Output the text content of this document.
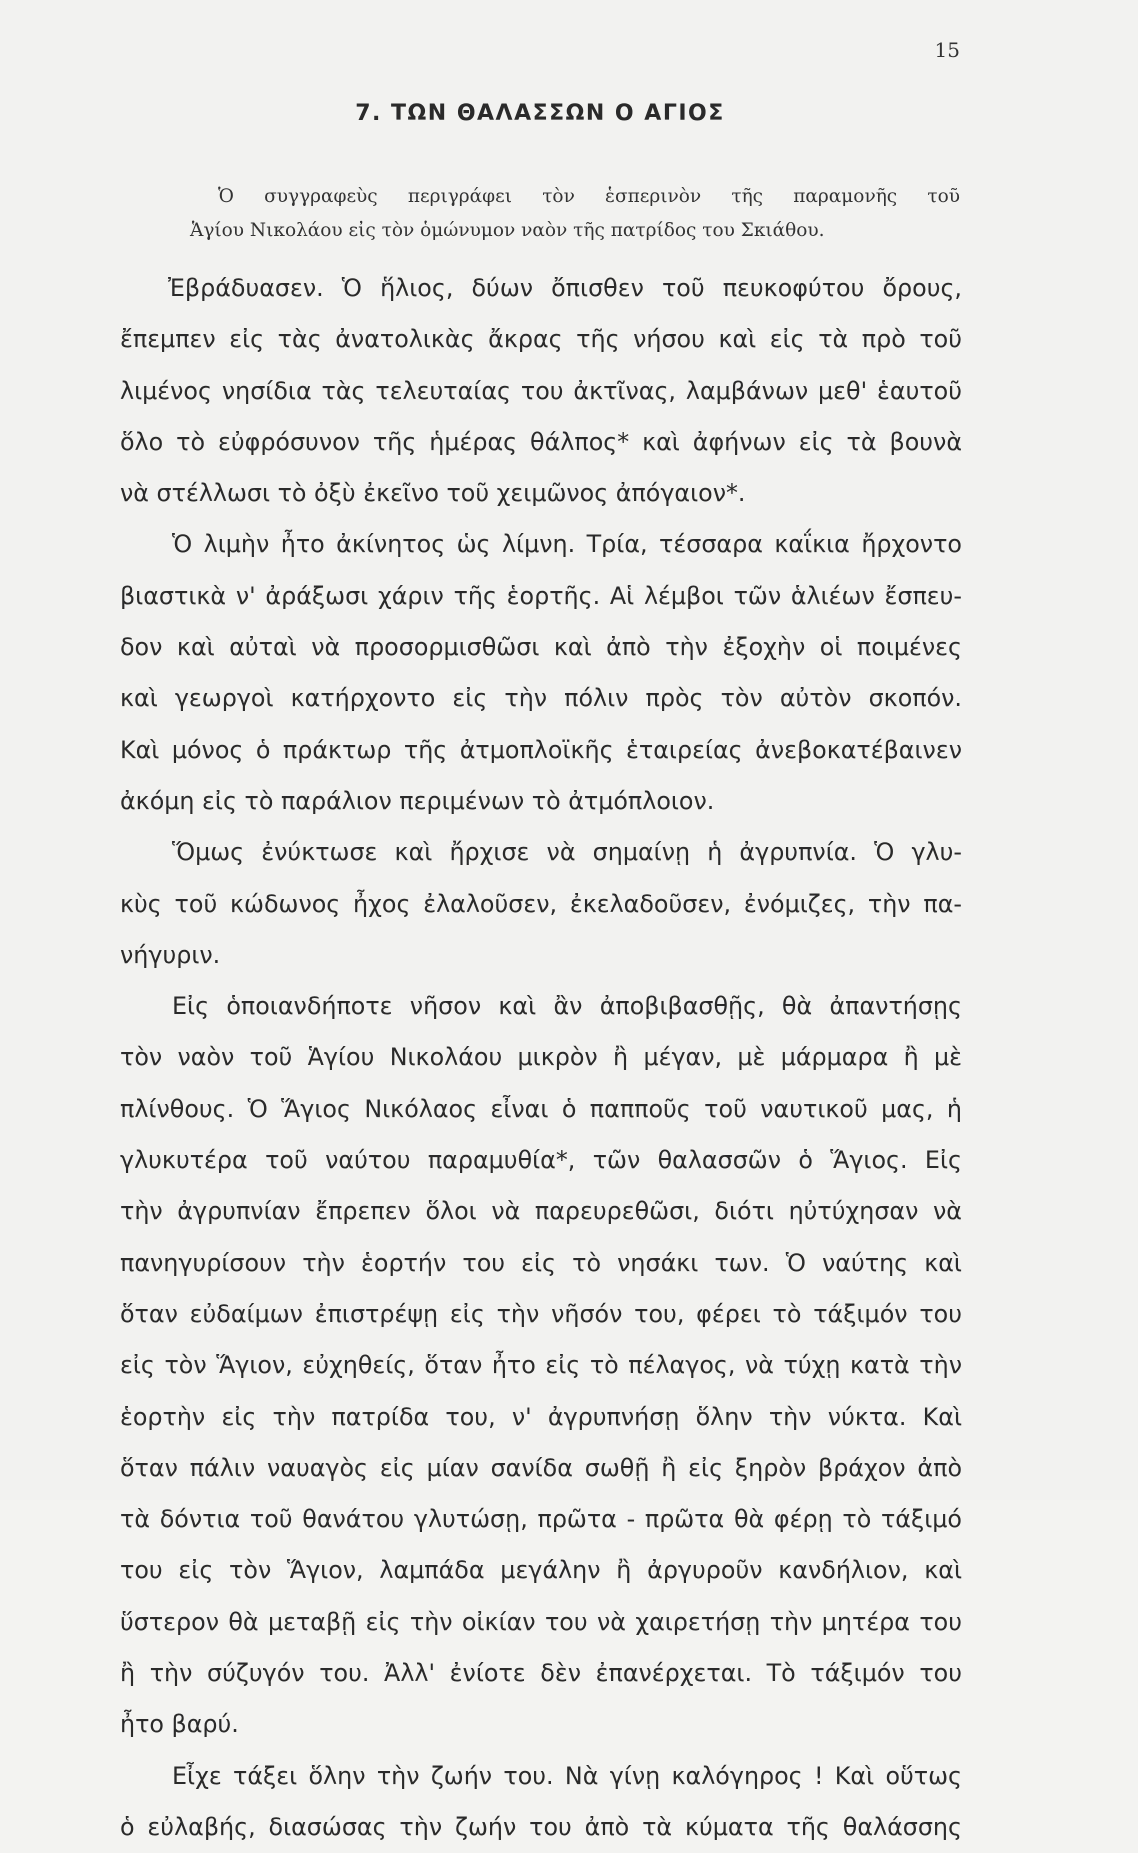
15
7. ΤΩΝ ΘΑΛΑΣΣΩΝ Ο ΑΓΙΟΣ
Ὁ συγγραφεὺς περιγράφει τὸν ἑσπερινὸν τῆς παραμονῆς τοῦ
Ἁγίου Νικολάου εἰς τὸν ὁμώνυμον ναὸν τῆς πατρίδος του Σκιάθου.
Ἐβράδυασεν. Ὁ ἥλιος, δύων ὄπισθεν τοῦ πευκοφύτου ὄρους,
ἔπεμπεν εἰς τὰς ἀνατολικὰς ἄκρας τῆς νήσου καὶ εἰς τὰ πρὸ τοῦ
λιμένος νησίδια τὰς τελευταίας του ἀκτῖνας, λαμβάνων μεθ' ἑαυτοῦ
ὅλο τὸ εὐφρόσυνον τῆς ἡμέρας θάλπος* καὶ ἀφήνων εἰς τὰ βουνὰ
νὰ στέλλωσι τὸ ὀξὺ ἐκεῖνο τοῦ χειμῶνος ἀπόγαιον*.
Ὁ λιμὴν ἦτο ἀκίνητος ὡς λίμνη. Τρία, τέσσαρα καΐκια ἤρχοντο
βιαστικὰ ν' ἀράξωσι χάριν τῆς ἑορτῆς. Αἱ λέμβοι τῶν ἁλιέων ἔσπευ-
δον καὶ αὐταὶ νὰ προσορμισθῶσι καὶ ἀπὸ τὴν ἐξοχὴν οἱ ποιμένες
καὶ γεωργοὶ κατήρχοντο εἰς τὴν πόλιν πρὸς τὸν αὐτὸν σκοπόν.
Καὶ μόνος ὁ πράκτωρ τῆς ἀτμοπλοϊκῆς ἑταιρείας ἀνεβοκατέβαινεν
ἀκόμη εἰς τὸ παράλιον περιμένων τὸ ἀτμόπλοιον.
Ὅμως ἐνύκτωσε καὶ ἤρχισε νὰ σημαίνῃ ἡ ἀγρυπνία. Ὁ γλυ-
κὺς τοῦ κώδωνος ἦχος ἐλαλοῦσεν, ἐκελαδοῦσεν, ἐνόμιζες, τὴν πα-
νήγυριν.
Εἰς ὁποιανδήποτε νῆσον καὶ ἂν ἀποβιβασθῇς, θὰ ἀπαντήσῃς
τὸν ναὸν τοῦ Ἁγίου Νικολάου μικρὸν ἢ μέγαν, μὲ μάρμαρα ἢ μὲ
πλίνθους. Ὁ Ἅγιος Νικόλαος εἶναι ὁ παπποῦς τοῦ ναυτικοῦ μας, ἡ
γλυκυτέρα τοῦ ναύτου παραμυθία*, τῶν θαλασσῶν ὁ Ἅγιος. Εἰς
τὴν ἀγρυπνίαν ἔπρεπεν ὅλοι νὰ παρευρεθῶσι, διότι ηὐτύχησαν νὰ
πανηγυρίσουν τὴν ἑορτήν του εἰς τὸ νησάκι των. Ὁ ναύτης καὶ
ὅταν εὐδαίμων ἐπιστρέψῃ εἰς τὴν νῆσόν του, φέρει τὸ τάξιμόν του
εἰς τὸν Ἅγιον, εὐχηθείς, ὅταν ἦτο εἰς τὸ πέλαγος, νὰ τύχῃ κατὰ τὴν
ἑορτὴν εἰς τὴν πατρίδα του, ν' ἀγρυπνήσῃ ὅλην τὴν νύκτα. Καὶ
ὅταν πάλιν ναυαγὸς εἰς μίαν σανίδα σωθῇ ἢ εἰς ξηρὸν βράχον ἀπὸ
τὰ δόντια τοῦ θανάτου γλυτώσῃ, πρῶτα - πρῶτα θὰ φέρῃ τὸ τάξιμό
του εἰς τὸν Ἅγιον, λαμπάδα μεγάλην ἢ ἀργυροῦν κανδήλιον, καὶ
ὕστερον θὰ μεταβῇ εἰς τὴν οἰκίαν του νὰ χαιρετήσῃ τὴν μητέρα του
ἢ τὴν σύζυγόν του. Ἀλλ' ἐνίοτε δὲν ἐπανέρχεται. Τὸ τάξιμόν του
ἦτο βαρύ.
Εἶχε τάξει ὅλην τὴν ζωήν του. Νὰ γίνῃ καλόγηρος ! Καὶ οὕτως
ὁ εὐλαβής, διασώσας τὴν ζωήν του ἀπὸ τὰ κύματα τῆς θαλάσσης
